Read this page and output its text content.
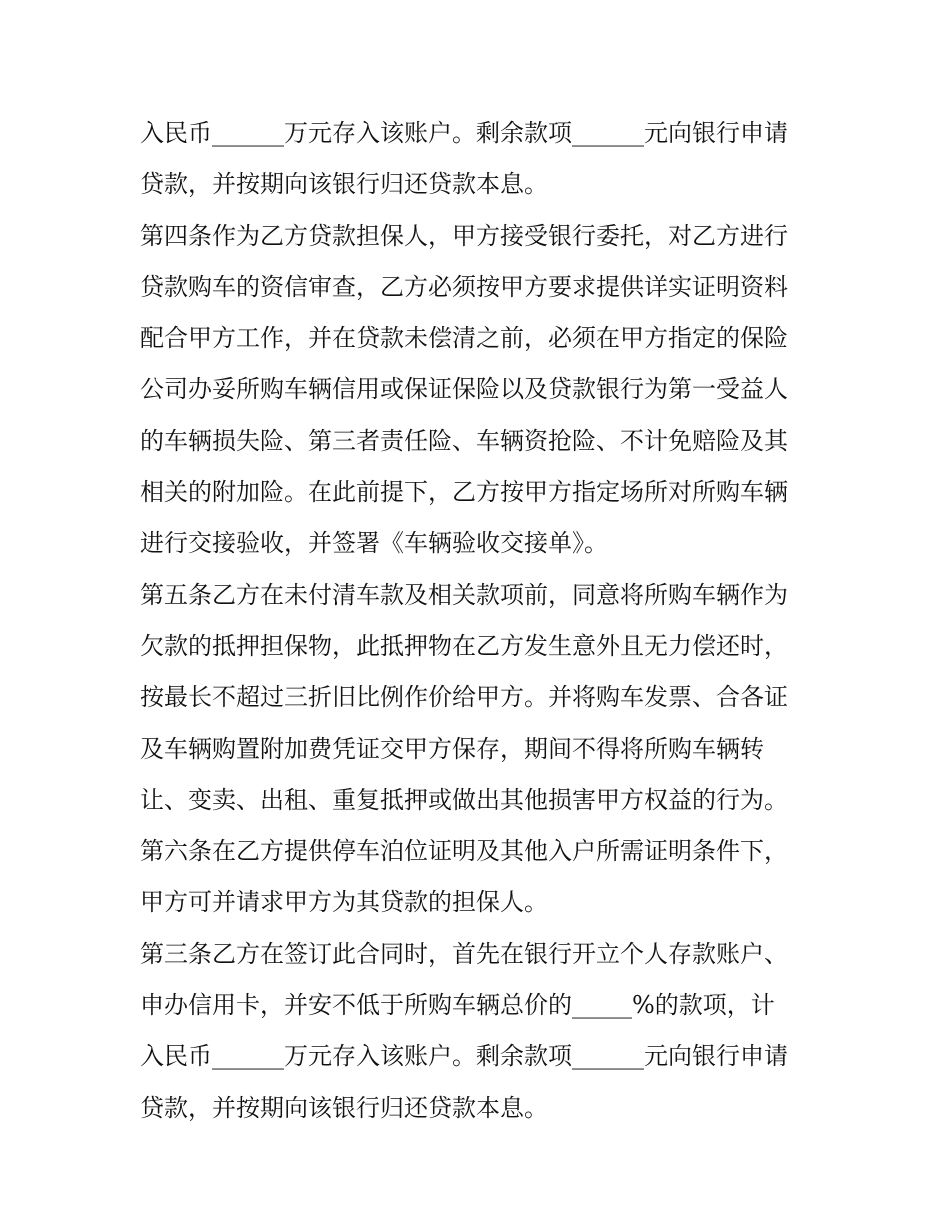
入民币______万元存入该账户。剩余款项______元向银行申请
贷款，并按期向该银行归还贷款本息。
第四条作为乙方贷款担保人，甲方接受银行委托，对乙方进行
贷款购车的资信审查，乙方必须按甲方要求提供详实证明资料
配合甲方工作，并在贷款未偿清之前，必须在甲方指定的保险
公司办妥所购车辆信用或保证保险以及贷款银行为第一受益人
的车辆损失险、第三者责任险、车辆资抢险、不计免赔险及其
相关的附加险。在此前提下，乙方按甲方指定场所对所购车辆
进行交接验收，并签署《车辆验收交接单》。
第五条乙方在未付清车款及相关款项前，同意将所购车辆作为
欠款的抵押担保物，此抵押物在乙方发生意外且无力偿还时，
按最长不超过三折旧比例作价给甲方。并将购车发票、合各证
及车辆购置附加费凭证交甲方保存，期间不得将所购车辆转
让、变卖、出租、重复抵押或做出其他损害甲方权益的行为。
第六条在乙方提供停车泊位证明及其他入户所需证明条件下，
甲方可并请求甲方为其贷款的担保人。
第三条乙方在签订此合同时，首先在银行开立个人存款账户、
申办信用卡，并安不低于所购车辆总价的_____%的款项，计
入民币______万元存入该账户。剩余款项______元向银行申请
贷款，并按期向该银行归还贷款本息。
